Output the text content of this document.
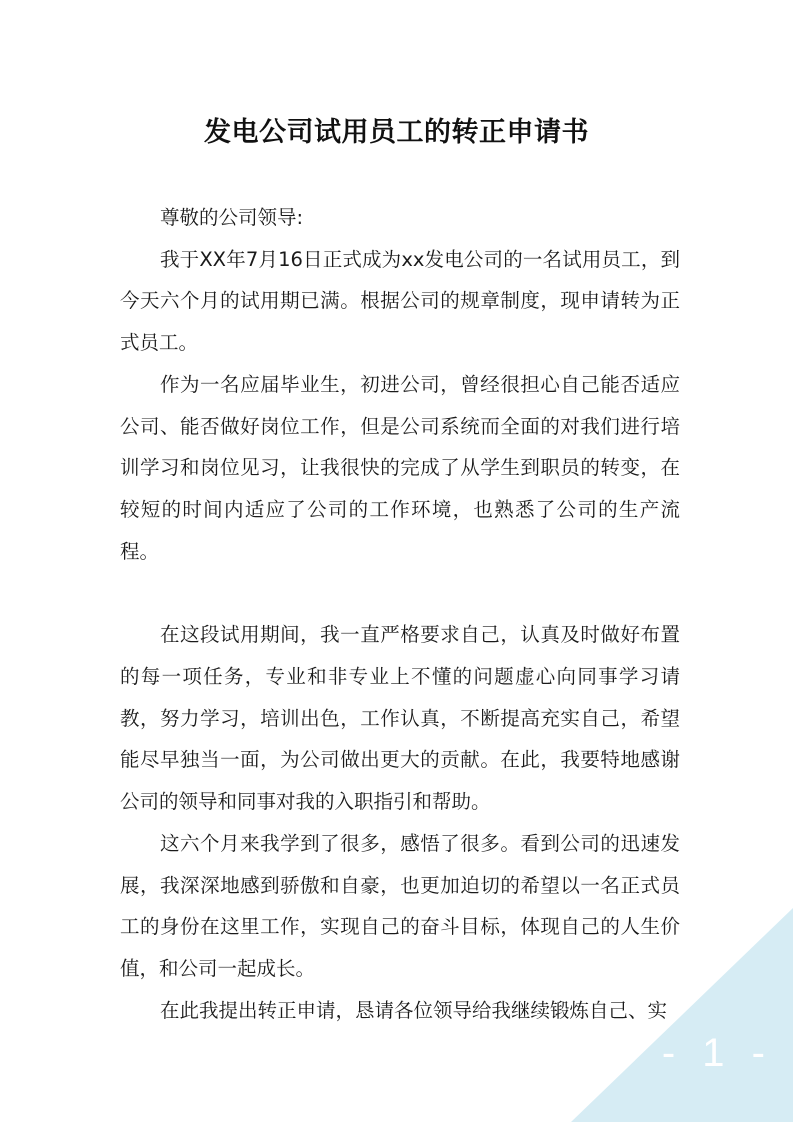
发电公司试用员工的转正申请书

尊敬的公司领导:

我于XX年7月16日正式成为xx发电公司的一名试用员工，到今天六个月的试用期已满。根据公司的规章制度，现申请转为正式员工。

作为一名应届毕业生，初进公司，曾经很担心自己能否适应公司、能否做好岗位工作，但是公司系统而全面的对我们进行培训学习和岗位见习，让我很快的完成了从学生到职员的转变，在较短的时间内适应了公司的工作环境，也熟悉了公司的生产流程。

在这段试用期间，我一直严格要求自己，认真及时做好布置的每一项任务，专业和非专业上不懂的问题虚心向同事学习请教，努力学习，培训出色，工作认真，不断提高充实自己，希望能尽早独当一面，为公司做出更大的贡献。在此，我要特地感谢公司的领导和同事对我的入职指引和帮助。

这六个月来我学到了很多，感悟了很多。看到公司的迅速发展，我深深地感到骄傲和自豪，也更加迫切的希望以一名正式员工的身份在这里工作，实现自己的奋斗目标，体现自己的人生价值，和公司一起成长。

在此我提出转正申请，恳请各位领导给我继续锻炼自己、实

- 1 -
